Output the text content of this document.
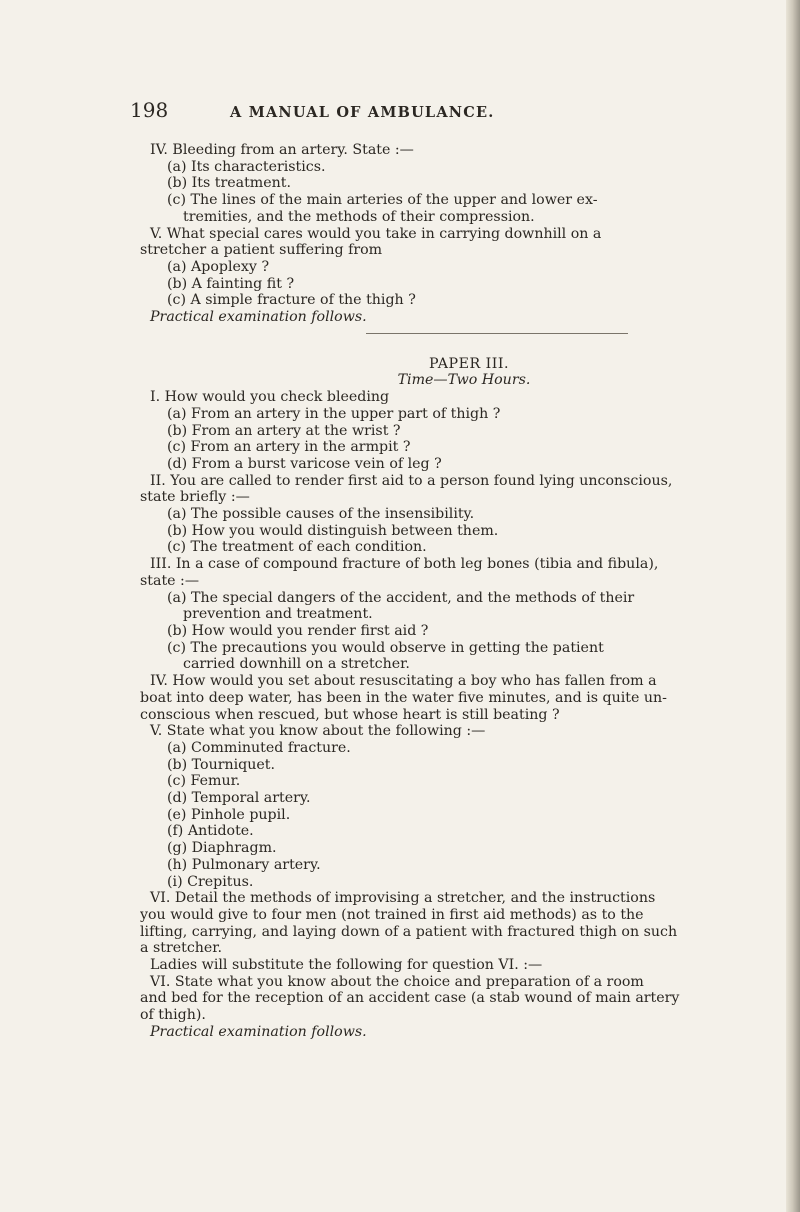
198	A MANUAL OF AMBULANCE.
IV. Bleeding from an artery. State :—
(a) Its characteristics.
(b) Its treatment.
(c) The lines of the main arteries of the upper and lower ex-
tremities, and the methods of their compression.
V. What special cares would you take in carrying downhill on a
stretcher a patient suffering from
(a) Apoplexy ?
(b) A fainting fit ?
(c) A simple fracture of the thigh ?
Practical examination follows.
PAPER III.
Time—Two Hours.
I. How would you check bleeding
(a) From an artery in the upper part of thigh ?
(b) From an artery at the wrist ?
(c) From an artery in the armpit ?
(d) From a burst varicose vein of leg ?
II. You are called to render first aid to a person found lying unconscious,
state briefly :—
(a) The possible causes of the insensibility.
(b) How you would distinguish between them.
(c) The treatment of each condition.
III. In a case of compound fracture of both leg bones (tibia and fibula),
state :—
(a) The special dangers of the accident, and the methods of their
prevention and treatment.
(b) How would you render first aid ?
(c) The precautions you would observe in getting the patient
carried downhill on a stretcher.
IV. How would you set about resuscitating a boy who has fallen from a
boat into deep water, has been in the water five minutes, and is quite un-
conscious when rescued, but whose heart is still beating ?
V. State what you know about the following :—
(a) Comminuted fracture.
(b) Tourniquet.
(c) Femur.
(d) Temporal artery.
(e) Pinhole pupil.
(f) Antidote.
(g) Diaphragm.
(h) Pulmonary artery.
(i) Crepitus.
VI. Detail the methods of improvising a stretcher, and the instructions
you would give to four men (not trained in first aid methods) as to the
lifting, carrying, and laying down of a patient with fractured thigh on such
a stretcher.
Ladies will substitute the following for question VI. :—
VI. State what you know about the choice and preparation of a room
and bed for the reception of an accident case (a stab wound of main artery
of thigh).
Practical examination follows.
